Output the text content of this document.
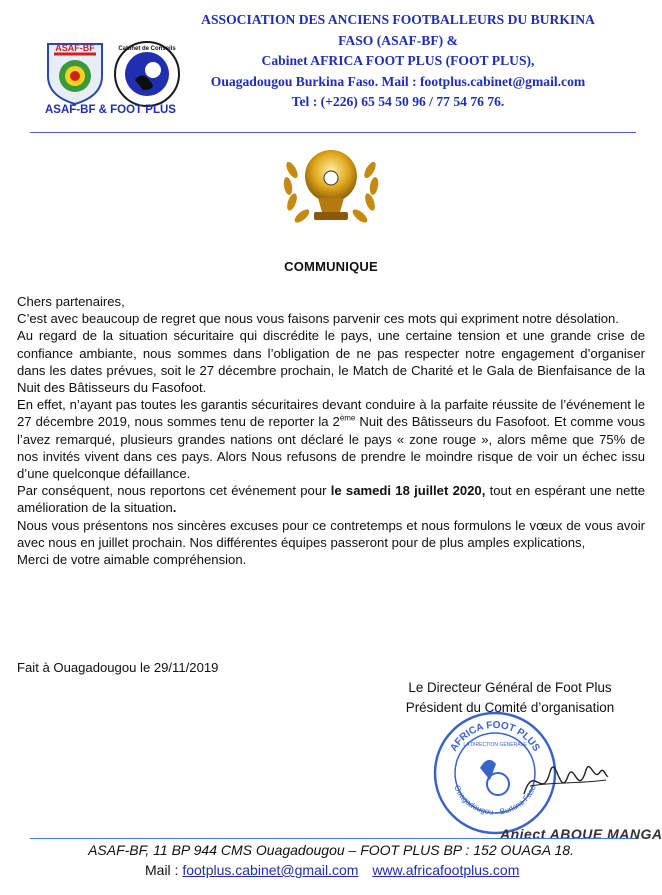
ASSOCIATION DES ANCIENS FOOTBALLEURS DU BURKINA
FASO (ASAF-BF) &
Cabinet AFRICA FOOT PLUS (FOOT PLUS),
Ouagadougou Burkina Faso. Mail : footplus.cabinet@gmail.com
Tel : (+226) 65 54 50 96 / 77 54 76 76.
ASAF-BF	Cabinet de Conseils
ASAF-BF & FOOT PLUS
COMMUNIQUE

Chers partenaires,

C’est avec beaucoup de regret que nous vous faisons parvenir ces mots qui expriment notre désolation.

Au regard de la situation sécuritaire qui discrédite le pays, une certaine tension et une grande crise de confiance ambiante, nous sommes dans l’obligation de ne pas respecter notre engagement d’organiser dans les dates prévues, soit le 27 décembre prochain, le Match de Charité et le Gala de Bienfaisance de la Nuit des Bâtisseurs du Fasofoot.

En effet, n’ayant pas toutes les garantis sécuritaires devant conduire à la parfaite réussite de l’événement le 27 décembre 2019, nous sommes tenu de reporter la 2ème Nuit des Bâtisseurs du Fasofoot. Et comme vous l’avez remarqué, plusieurs grandes nations ont déclaré le pays « zone rouge », alors même que 75% de nos invités vivent dans ces pays. Alors Nous refusons de prendre le moindre risque de voir un échec issu d’une quelconque défaillance.

Par conséquent, nous reportons cet événement pour le samedi 18 juillet 2020, tout en espérant une nette amélioration de la situation.

Nous vous présentons nos sincères excuses pour ce contretemps et nous formulons le vœux de vous avoir avec nous en juillet prochain. Nos différentes équipes passeront pour de plus amples explications,

Merci de votre aimable compréhension.

Fait à Ouagadougou le 29/11/2019
Le Directeur Général de Foot Plus
Président du Comité d’organisation
AFRICA FOOT PLUS
Ouagadougou - Burkina Faso
LA DIRECTION GÉNÉRALE
Aniect ABOUE MANGA
ASAF-BF, 11 BP 944 CMS Ouagadougou – FOOT PLUS BP : 152 OUAGA 18.
Mail : footplus.cabinet@gmail.com www.africafootplus.com
